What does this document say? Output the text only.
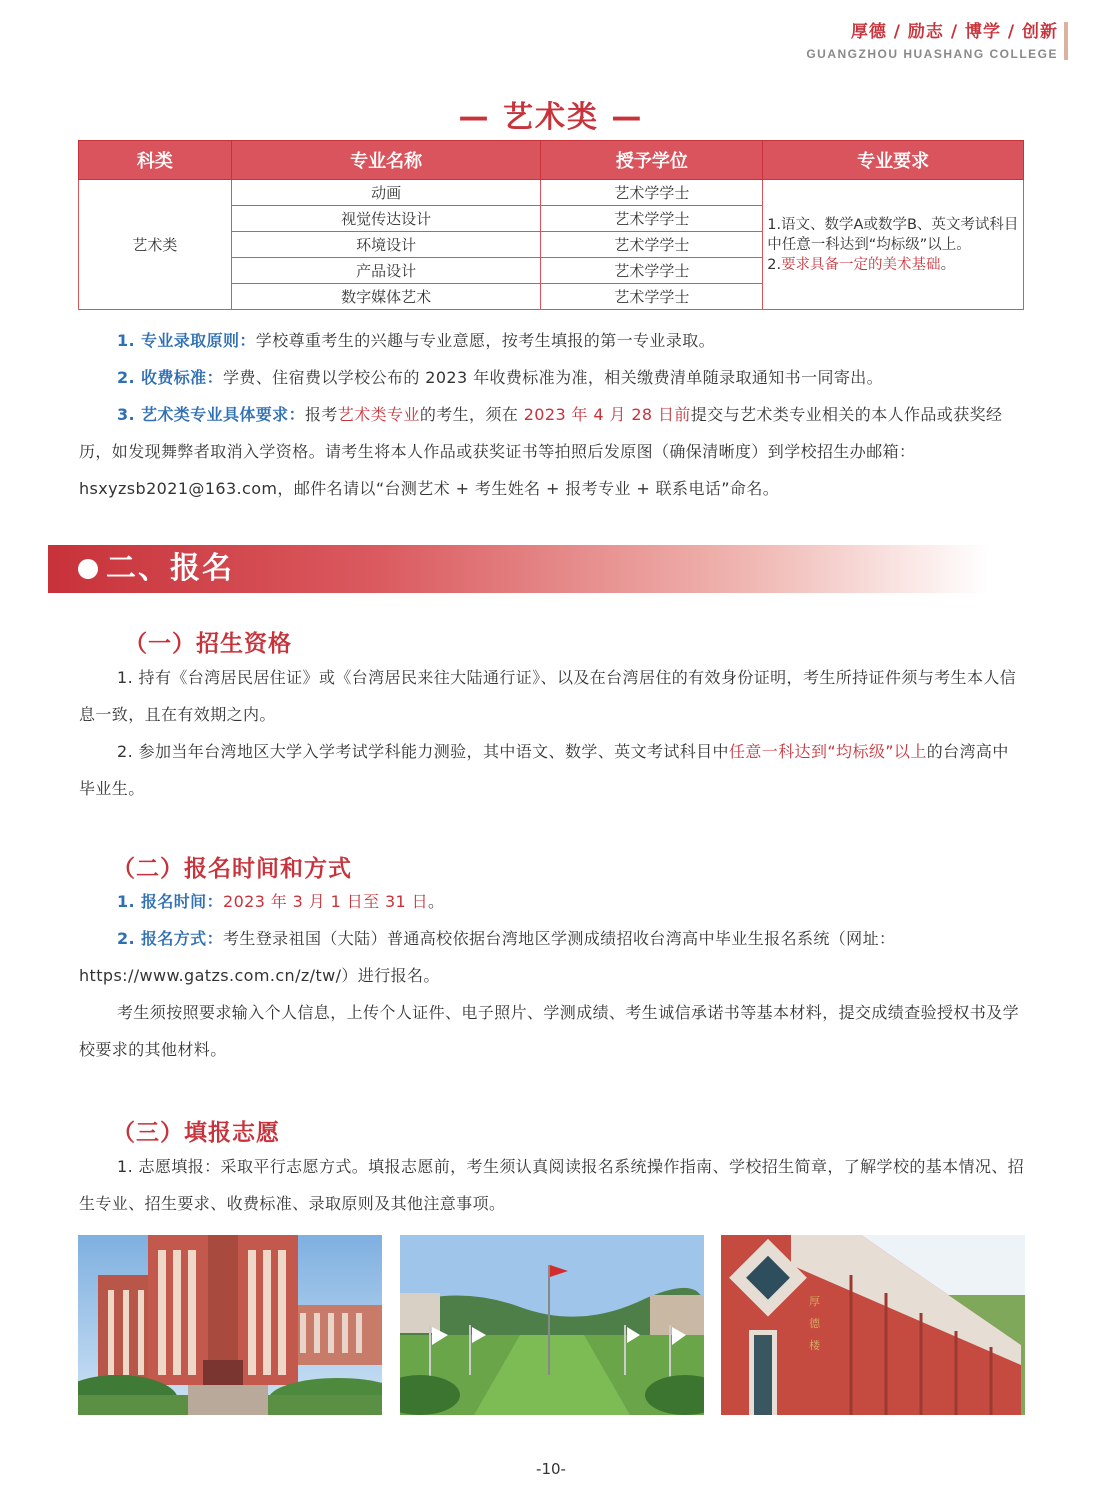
厚德 / 励志 / 博学 / 创新
GUANGZHOU HUASHANG COLLEGE
— 艺术类 —
科类	专业名称	授予学位	专业要求
艺术类	动画	艺术学学士	1.语文、数学A或数学B、英文考试科目中任意一科达到“均标级”以上。
2.要求具备一定的美术基础。
	视觉传达设计	艺术学学士	
	环境设计	艺术学学士	
	产品设计	艺术学学士	
	数字媒体艺术	艺术学学士	

1. 专业录取原则：学校尊重考生的兴趣与专业意愿，按考生填报的第一专业录取。

2. 收费标准：学费、住宿费以学校公布的 2023 年收费标准为准，相关缴费清单随录取通知书一同寄出。

3. 艺术类专业具体要求：报考艺术类专业的考生，须在 2023 年 4 月 28 日前提交与艺术类专业相关的本人作品或获奖经历，如发现舞弊者取消入学资格。请考生将本人作品或获奖证书等拍照后发原图（确保清晰度）到学校招生办邮箱：hsxyzsb2021@163.com，邮件名请以“台测艺术 + 考生姓名 + 报考专业 + 联系电话”命名。

二、报名
（一）招生资格

1. 持有《台湾居民居住证》或《台湾居民来往大陆通行证》、以及在台湾居住的有效身份证明，考生所持证件须与考生本人信息一致，且在有效期之内。

2. 参加当年台湾地区大学入学考试学科能力测验，其中语文、数学、英文考试科目中任意一科达到“均标级”以上的台湾高中毕业生。

（二）报名时间和方式

1. 报名时间：2023 年 3 月 1 日至 31 日。

2. 报名方式：考生登录祖国（大陆）普通高校依据台湾地区学测成绩招收台湾高中毕业生报名系统（网址：https://www.gatzs.com.cn/z/tw/）进行报名。

考生须按照要求输入个人信息，上传个人证件、电子照片、学测成绩、考生诚信承诺书等基本材料，提交成绩查验授权书及学校要求的其他材料。

（三）填报志愿

1. 志愿填报：采取平行志愿方式。填报志愿前，考生须认真阅读报名系统操作指南、学校招生简章，了解学校的基本情况、招生专业、招生要求、收费标准、录取原则及其他注意事项。

厚
德
楼
-10-
